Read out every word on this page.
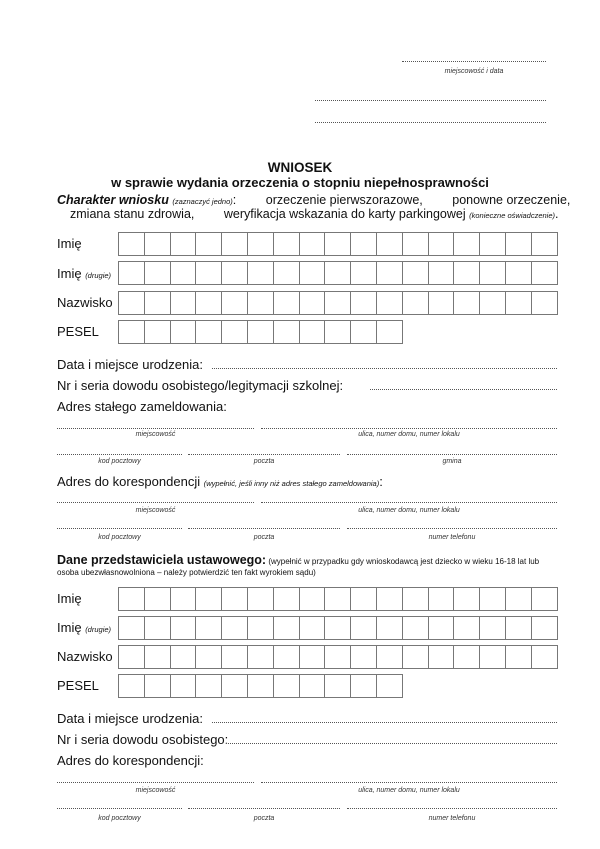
miejscowość i data
WNIOSEK
w sprawie wydania orzeczenia o stopniu niepełnosprawności
Charakter wniosku (zaznaczyć jedno): orzeczenie pierwszorazowe, ponowne orzeczenie,
zmiana stanu zdrowia, weryfikacja wskazania do karty parkingowej (konieczne oświadczenie).
Imię
Imię (drugie)
Nazwisko
PESEL
Data i miejsce urodzenia:
Nr i seria dowodu osobistego/legitymacji szkolnej:
Adres stałego zameldowania:
miejscowość	ulica, numer domu, numer lokalu
kod pocztowy	poczta	gmina
Adres do korespondencji (wypełnić, jeśli inny niż adres stałego zameldowania):
miejscowość	ulica, numer domu, numer lokalu
kod pocztowy	poczta	numer telefonu
Dane przedstawiciela ustawowego: (wypełnić w przypadku gdy wnioskodawcą jest dziecko w wieku 16-18 lat lub osoba ubezwłasnowolniona – należy potwierdzić ten fakt wyrokiem sądu)
Imię
Imię (drugie)
Nazwisko
PESEL
Data i miejsce urodzenia:
Nr i seria dowodu osobistego:
Adres do korespondencji:
miejscowość	ulica, numer domu, numer lokalu
kod pocztowy	poczta	numer telefonu
